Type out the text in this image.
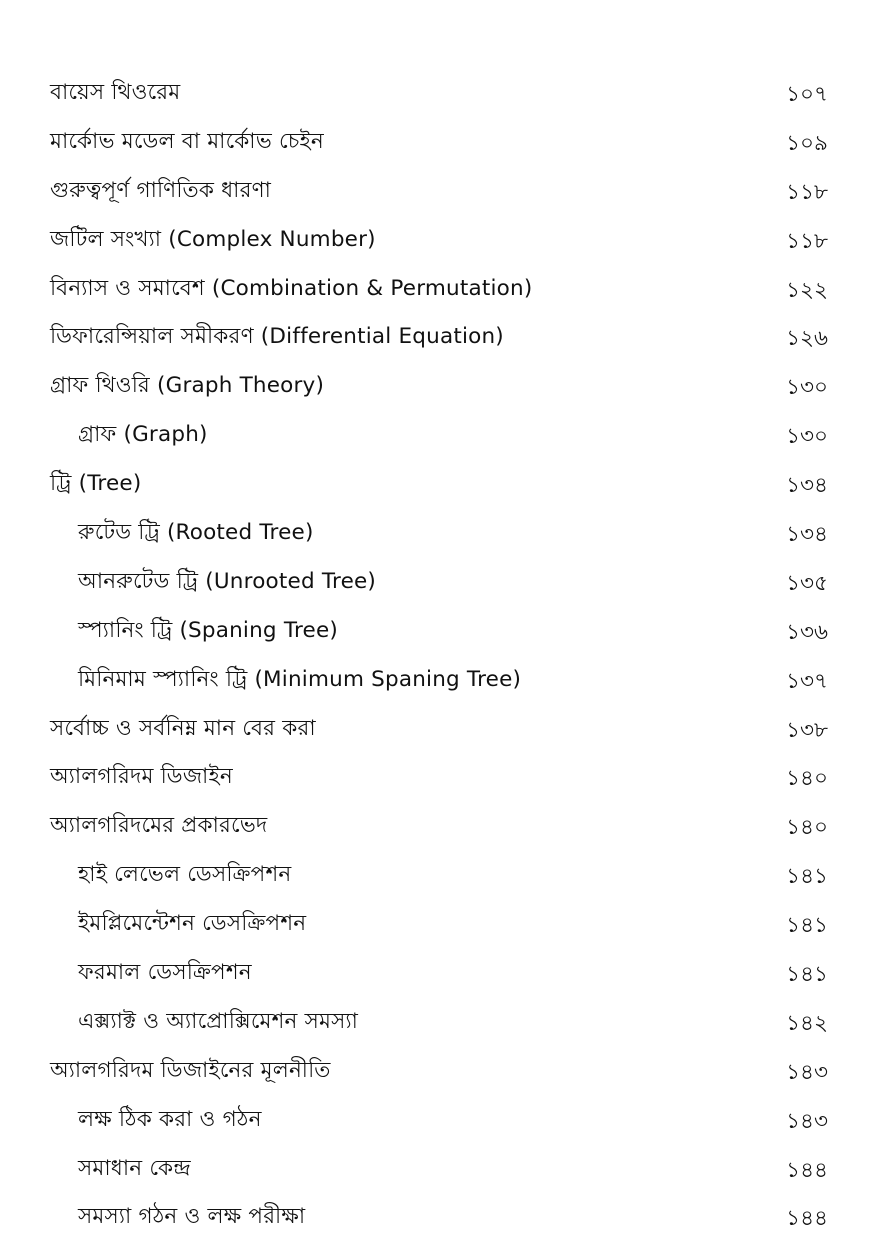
বায়েস থিওরেম	১০৭
মার্কোভ মডেল বা মার্কোভ চেইন	১০৯
গুরুত্বপূর্ণ গাণিতিক ধারণা	১১৮
জটিল সংখ্যা (Complex Number)	১১৮
বিন্যাস ও সমাবেশ (Combination & Permutation)	১২২
ডিফারেন্সিয়াল সমীকরণ (Differential Equation)	১২৬
গ্রাফ থিওরি (Graph Theory)	১৩০
গ্রাফ (Graph)	১৩০
ট্রি (Tree)	১৩৪
রুটেড ট্রি (Rooted Tree)	১৩৪
আনরুটেড ট্রি (Unrooted Tree)	১৩৫
স্প্যানিং ট্রি (Spaning Tree)	১৩৬
মিনিমাম স্প্যানিং ট্রি (Minimum Spaning Tree)	১৩৭
সর্বোচ্চ ও সর্বনিম্ন মান বের করা	১৩৮
অ্যালগরিদম ডিজাইন	১৪০
অ্যালগরিদমের প্রকারভেদ	১৪০
হাই লেভেল ডেসক্রিপশন	১৪১
ইমপ্লিমেন্টেশন ডেসক্রিপশন	১৪১
ফরমাল ডেসক্রিপশন	১৪১
এক্স্যাক্ট ও অ্যাপ্রোক্সিমেশন সমস্যা	১৪২
অ্যালগরিদম ডিজাইনের মূলনীতি	১৪৩
লক্ষ ঠিক করা ও গঠন	১৪৩
সমাধান কেন্দ্র	১৪৪
সমস্যা গঠন ও লক্ষ পরীক্ষা	১৪৪
